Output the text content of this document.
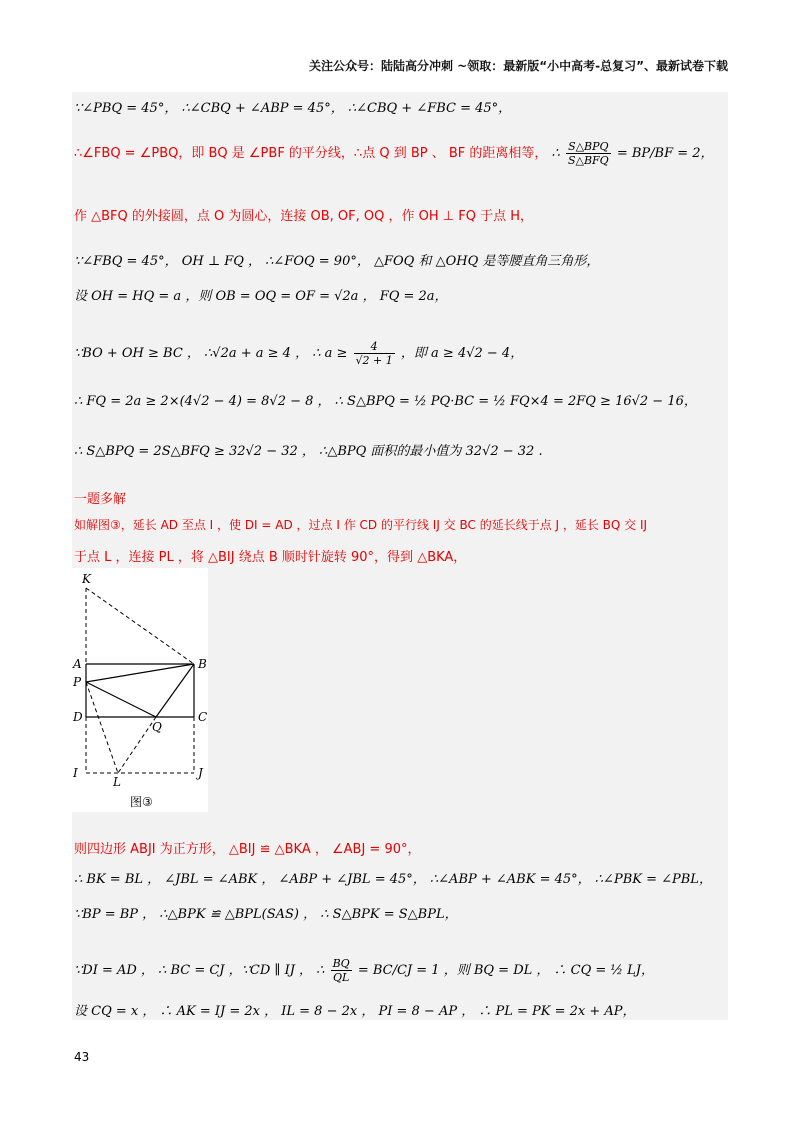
关注公众号：陆陆高分冲刺 ~领取：最新版“小中高考-总复习”、最新试卷下载
∵∠PBQ = 45°， ∴∠CBQ + ∠ABP = 45°， ∴∠CBQ + ∠FBC = 45°，
∴∠FBQ = ∠PBQ，即 BQ 是 ∠PBF 的平分线，∴点 Q 到 BP 、 BF 的距离相等， ∴ $\frac{\text{S△BPQ}}{\text{S△BFQ}} = BP/BF = 2$，
作 △BFQ 的外接圆，点 O 为圆心，连接 OB, OF, OQ ，作 OH ⊥ FQ 于点 H，
∵∠FBQ = 45°， OH ⊥ FQ ， ∴∠FOQ = 90°， △FOQ 和 △OHQ 是等腰直角三角形，
设 OH = HQ = a ，则 OB = OQ = OF = √2a ， FQ = 2a，
∵BO + OH ≥ BC ， ∴√2a + a ≥ 4 ， ∴ $a \ge \frac{4}{√2 + 1}$ ，即 a ≥ 4√2 − 4，
∴ FQ = 2a ≥ 2×(4√2 − 4) = 8√2 − 8 ， ∴ S△BPQ = ½ PQ·BC = ½ FQ×4 = 2FQ ≥ 16√2 − 16，
∴ S△BPQ = 2S△BFQ ≥ 32√2 − 32 ， ∴△BPQ 面积的最小值为 32√2 − 32 .
一题多解
如解图③，延长 AD 至点 I ，使 DI = AD ，过点 I 作 CD 的平行线 IJ 交 BC 的延长线于点 J ，延长 BQ 交 IJ
于点 L ，连接 PL ，将 △BIJ 绕点 B 顺时针旋转 90°，得到 △BKA，
K
A	B
P
D
Q
C
I
L
J
图③
则四边形 ABJI 为正方形， △BIJ ≌ △BKA ， ∠ABJ = 90°，
∴ BK = BL ， ∠JBL = ∠ABK ， ∠ABP + ∠JBL = 45°， ∴∠ABP + ∠ABK = 45°， ∴∠PBK = ∠PBL，
∵BP = BP ， ∴△BPK ≌ △BPL(SAS) ， ∴ S△BPK = S△BPL，
∵DI = AD ， ∴ BC = CJ ，∵CD ∥ IJ ， ∴ $\frac{BQ}{QL} = BC/CJ = 1$ ，则 BQ = DL ， ∴ CQ = ½ LJ，
设 CQ = x ， ∴ AK = IJ = 2x ， IL = 8 − 2x ， PI = 8 − AP ， ∴ PL = PK = 2x + AP，
43
